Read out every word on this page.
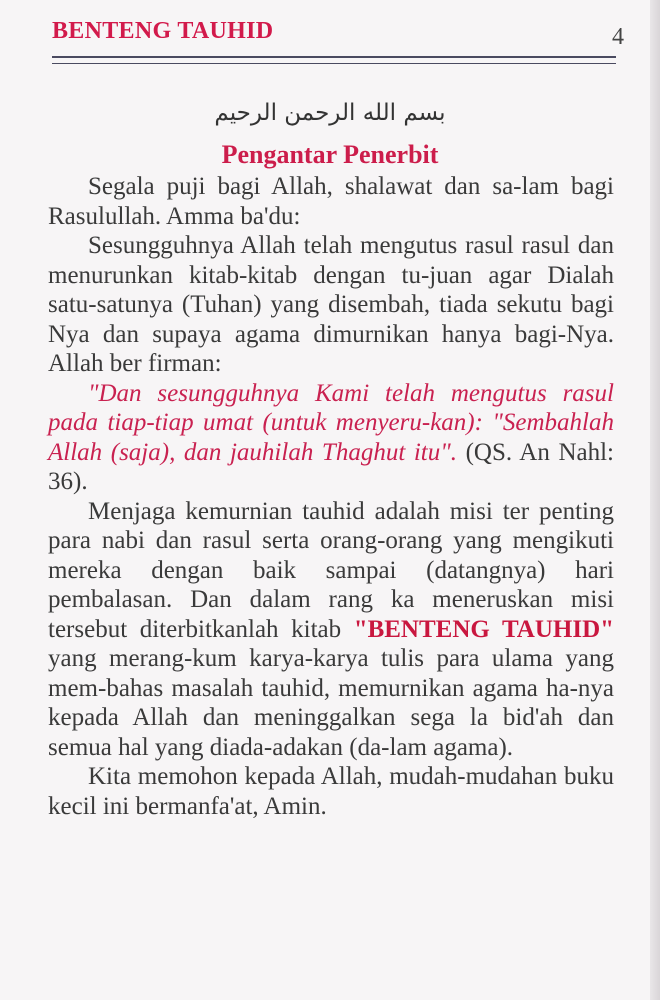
BENTENG TAUHID	4
بسم الله الرحمن الرحيم
Pengantar Penerbit

Segala puji bagi Allah, shalawat dan sa-lam bagi Rasulullah. Amma ba'du:

Sesungguhnya Allah telah mengutus rasul rasul dan menurunkan kitab-kitab dengan tu-juan agar Dialah satu-satunya (Tuhan) yang disembah, tiada sekutu bagi Nya dan supaya agama dimurnikan hanya bagi-Nya. Allah ber firman:

"Dan sesungguhnya Kami telah mengutus rasul pada tiap-tiap umat (untuk menyeru-kan): "Sembahlah Allah (saja), dan jauhilah Thaghut itu". (QS. An Nahl: 36).

Menjaga kemurnian tauhid adalah misi ter penting para nabi dan rasul serta orang-orang yang mengikuti mereka dengan baik sampai (datangnya) hari pembalasan. Dan dalam rang ka meneruskan misi tersebut diterbitkanlah kitab "BENTENG TAUHID" yang merang-kum karya-karya tulis para ulama yang mem-bahas masalah tauhid, memurnikan agama ha-nya kepada Allah dan meninggalkan sega la bid'ah dan semua hal yang diada-adakan (da-lam agama).

Kita memohon kepada Allah, mudah-mudahan buku kecil ini bermanfa'at, Amin.
